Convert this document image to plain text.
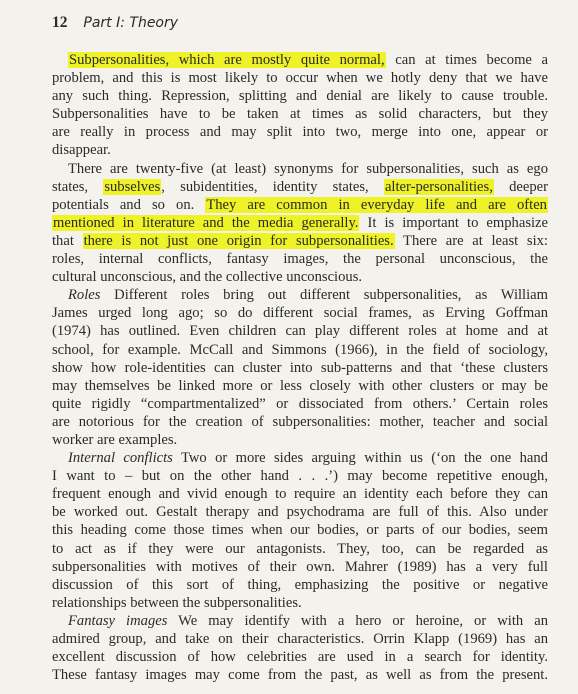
12 Part I: Theory
Subpersonalities, which are mostly quite normal, can at times become a
problem, and this is most likely to occur when we hotly deny that we have
any such thing. Repression, splitting and denial are likely to cause trouble.
Subpersonalities have to be taken at times as solid characters, but they
are really in process and may split into two, merge into one, appear or
disappear.
There are twenty-five (at least) synonyms for subpersonalities, such as ego
states, subselves, subidentities, identity states, alter-personalities, deeper
potentials and so on. They are common in everyday life and are often
mentioned in literature and the media generally. It is important to emphasize
that there is not just one origin for subpersonalities. There are at least six:
roles, internal conflicts, fantasy images, the personal unconscious, the
cultural unconscious, and the collective unconscious.
Roles Different roles bring out different subpersonalities, as William
James urged long ago; so do different social frames, as Erving Goffman
(1974) has outlined. Even children can play different roles at home and at
school, for example. McCall and Simmons (1966), in the field of sociology,
show how role-identities can cluster into sub-patterns and that ‘these clusters
may themselves be linked more or less closely with other clusters or may be
quite rigidly “compartmentalized” or dissociated from others.’ Certain roles
are notorious for the creation of subpersonalities: mother, teacher and social
worker are examples.
Internal conflicts Two or more sides arguing within us (‘on the one hand
I want to – but on the other hand . . .’) may become repetitive enough,
frequent enough and vivid enough to require an identity each before they can
be worked out. Gestalt therapy and psychodrama are full of this. Also under
this heading come those times when our bodies, or parts of our bodies, seem
to act as if they were our antagonists. They, too, can be regarded as
subpersonalities with motives of their own. Mahrer (1989) has a very full
discussion of this sort of thing, emphasizing the positive or negative
relationships between the subpersonalities.
Fantasy images We may identify with a hero or heroine, or with an
admired group, and take on their characteristics. Orrin Klapp (1969) has an
excellent discussion of how celebrities are used in a search for identity.
These fantasy images may come from the past, as well as from the present.
